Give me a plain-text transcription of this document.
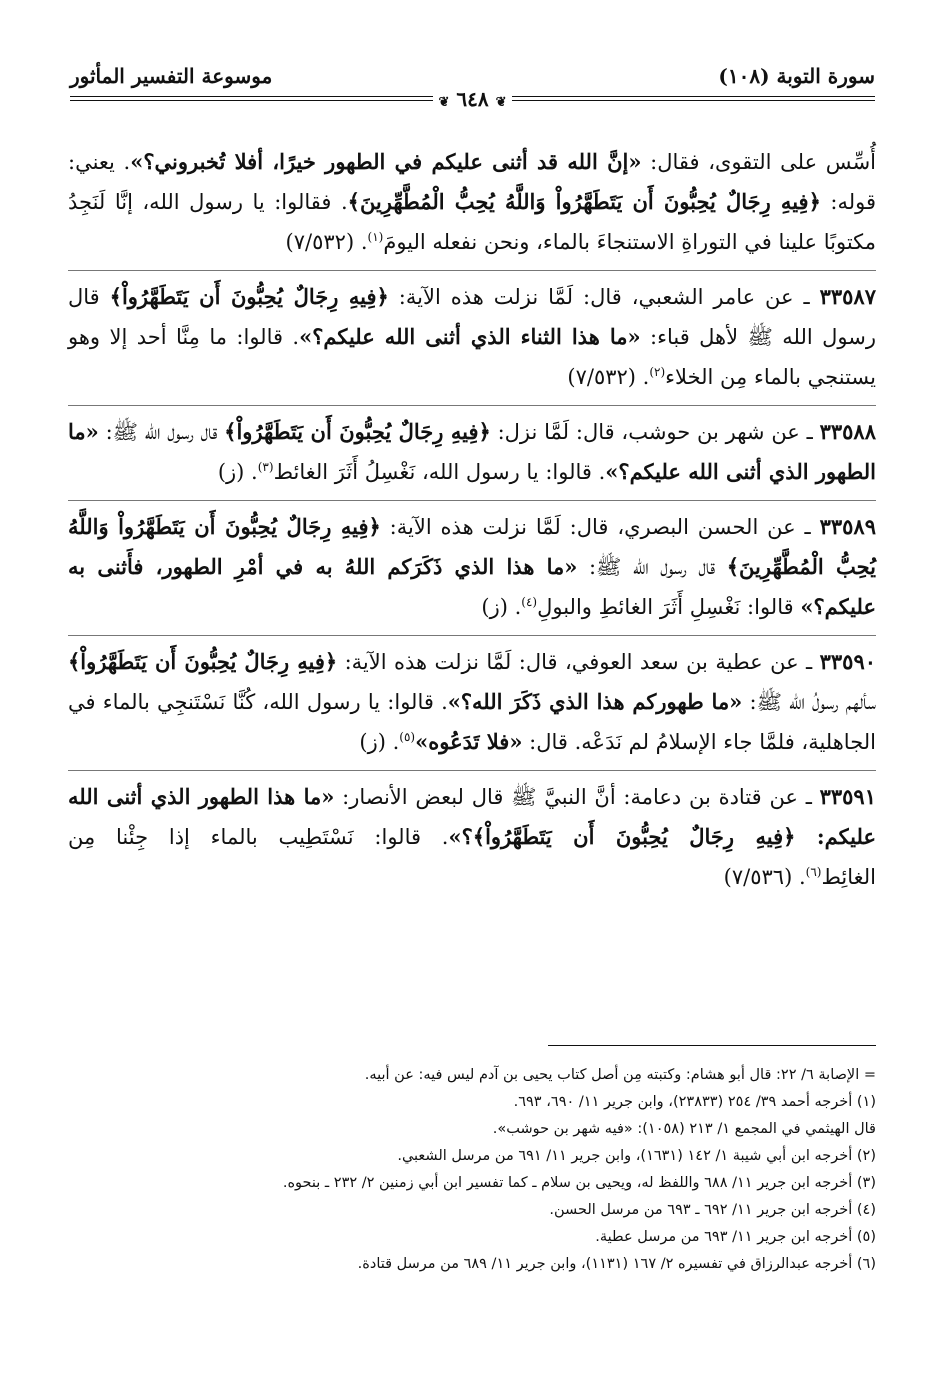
سورة التوبة (١٠٨)
موسوعة التفسير المأثور
❦ ٦٤٨ ❦

أُسِّس على التقوى، فقال: «إنَّ الله قد أثنى عليكم في الطهور خيرًا، أفلا تُخبروني؟». يعني: قوله: ﴿فِيهِ رِجَالٌ يُحِبُّونَ أَن يَتَطَهَّرُواْ وَاللَّهُ يُحِبُّ الْمُطَّهِّرِينَ﴾. فقالوا: يا رسول الله، إنَّا لَنَجِدُ مكتوبًا علينا في التوراةِ الاستنجاءَ بالماء، ونحن نفعله اليومَ$^{(١)}$. (٧/٥٣٢)

٣٣٥٨٧ ـ عن عامر الشعبي، قال: لَمَّا نزلت هذه الآية: ﴿فِيهِ رِجَالٌ يُحِبُّونَ أَن يَتَطَهَّرُواْ﴾ قال رسول الله ﷺ لأهل قباء: «ما هذا الثناء الذي أثنى الله عليكم؟». قالوا: ما مِنَّا أحد إلا وهو يستنجي بالماء مِن الخلاء$^{(٢)}$. (٧/٥٣٢)

٣٣٥٨٨ ـ عن شهر بن حوشب، قال: لَمَّا نزل: ﴿فِيهِ رِجَالٌ يُحِبُّونَ أَن يَتَطَهَّرُواْ﴾ قال رسول الله ﷺ: «ما الطهور الذي أثنى الله عليكم؟». قالوا: يا رسول الله، نَغْسِلُ أَثَرَ الغائط$^{(٣)}$. (ز)

٣٣٥٨٩ ـ عن الحسن البصري، قال: لَمَّا نزلت هذه الآية: ﴿فِيهِ رِجَالٌ يُحِبُّونَ أَن يَتَطَهَّرُواْ وَاللَّهُ يُحِبُّ الْمُطَّهِّرِينَ﴾ قال رسول الله ﷺ: «ما هذا الذي ذَكَرَكم اللهُ به في أمْرِ الطهور، فأَثنى به عليكم؟» قالوا: نَغْسِلِ أَثَرَ الغائطِ والبولِ$^{(٤)}$. (ز)

٣٣٥٩٠ ـ عن عطية بن سعد العوفي، قال: لَمَّا نزلت هذه الآية: ﴿فِيهِ رِجَالٌ يُحِبُّونَ أَن يَتَطَهَّرُواْ﴾ سألهم رسولُ الله ﷺ: «ما طهوركم هذا الذي ذَكَرَ الله؟». قالوا: يا رسول الله، كُنَّا نَسْتَنجِي بالماء في الجاهلية، فلمَّا جاء الإسلامُ لم نَدَعْه. قال: «فلا تَدَعُوه»$^{(٥)}$. (ز)

٣٣٥٩١ ـ عن قتادة بن دعامة: أنَّ النبيَّ ﷺ قال لبعض الأنصار: «ما هذا الطهور الذي أثنى الله عليكم: ﴿فِيهِ رِجَالٌ يُحِبُّونَ أَن يَتَطَهَّرُواْ﴾؟». قالوا: نَسْتَطِيب بالماء إذا جِئْنا مِن الغائِط$^{(٦)}$. (٧/٥٣٦)

= الإصابة ٦/ ٢٢: قال أبو هشام: وكتبته مِن أصل كتاب يحيى بن آدم ليس فيه: عن أبيه.

(١) أخرجه أحمد ٣٩/ ٢٥٤ (٢٣٨٣٣)، وابن جرير ١١/ ٦٩٠، ٦٩٣.

قال الهيثمي في المجمع ١/ ٢١٣ (١٠٥٨): «فيه شهر بن حوشب».

(٢) أخرجه ابن أبي شيبة ١/ ١٤٢ (١٦٣١)، وابن جرير ١١/ ٦٩١ من مرسل الشعبي.

(٣) أخرجه ابن جرير ١١/ ٦٨٨ واللفظ له، ويحيى بن سلام ـ كما تفسير ابن أبي زمنين ٢/ ٢٣٢ ـ بنحوه.

(٤) أخرجه ابن جرير ١١/ ٦٩٢ ـ ٦٩٣ من مرسل الحسن.

(٥) أخرجه ابن جرير ١١/ ٦٩٣ من مرسل عطية.

(٦) أخرجه عبدالرزاق في تفسيره ٢/ ١٦٧ (١١٣١)، وابن جرير ١١/ ٦٨٩ من مرسل قتادة.
